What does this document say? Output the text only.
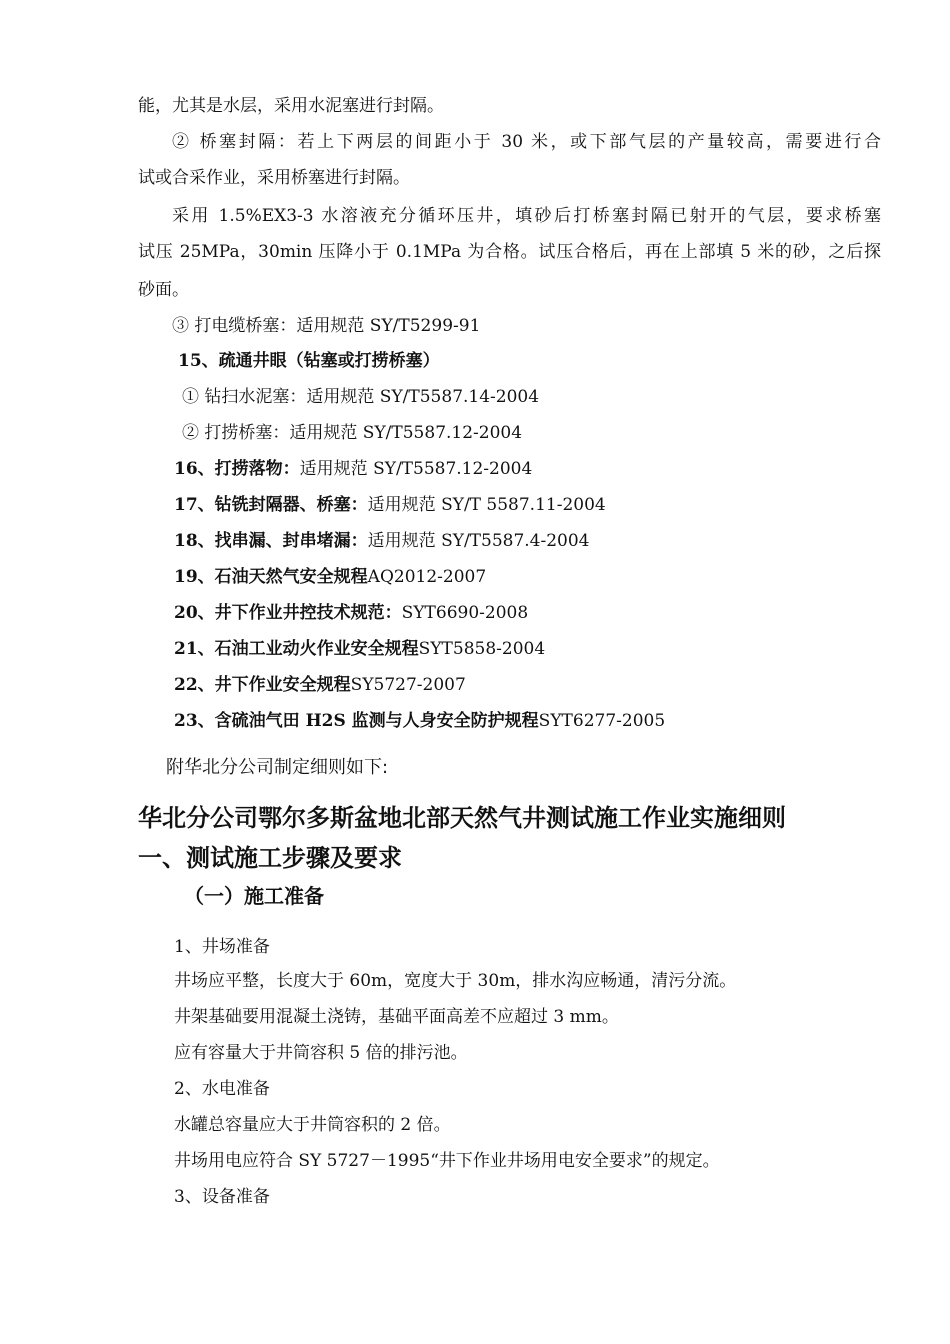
能，尤其是水层，采用水泥塞进行封隔。
② 桥塞封隔：若上下两层的间距小于 30 米，或下部气层的产量较高，需要进行合
试或合采作业，采用桥塞进行封隔。
采用 1.5%EX3-3 水溶液充分循环压井，填砂后打桥塞封隔已射开的气层，要求桥塞
试压 25MPa，30min 压降小于 0.1MPa 为合格。试压合格后，再在上部填 5 米的砂，之后探
砂面。
③ 打电缆桥塞：适用规范 SY/T5299-91
15、疏通井眼（钻塞或打捞桥塞）
① 钻扫水泥塞：适用规范 SY/T5587.14-2004
② 打捞桥塞：适用规范 SY/T5587.12-2004
16、打捞落物：适用规范 SY/T5587.12-2004
17、钻铣封隔器、桥塞：适用规范 SY/T 5587.11-2004
18、找串漏、封串堵漏：适用规范 SY/T5587.4-2004
19、石油天然气安全规程AQ2012-2007
20、井下作业井控技术规范：SYT6690-2008
21、石油工业动火作业安全规程SYT5858-2004
22、井下作业安全规程SY5727-2007
23、含硫油气田 H2S 监测与人身安全防护规程SYT6277-2005
附华北分公司制定细则如下:
华北分公司鄂尔多斯盆地北部天然气井测试施工作业实施细则
一、测试施工步骤及要求
（一）施工准备
1、井场准备
井场应平整，长度大于 60m，宽度大于 30m，排水沟应畅通，清污分流。
井架基础要用混凝土浇铸，基础平面高差不应超过 3 mm。
应有容量大于井筒容积 5 倍的排污池。
2、水电准备
水罐总容量应大于井筒容积的 2 倍。
井场用电应符合 SY 5727－1995“井下作业井场用电安全要求”的规定。
3、设备准备
